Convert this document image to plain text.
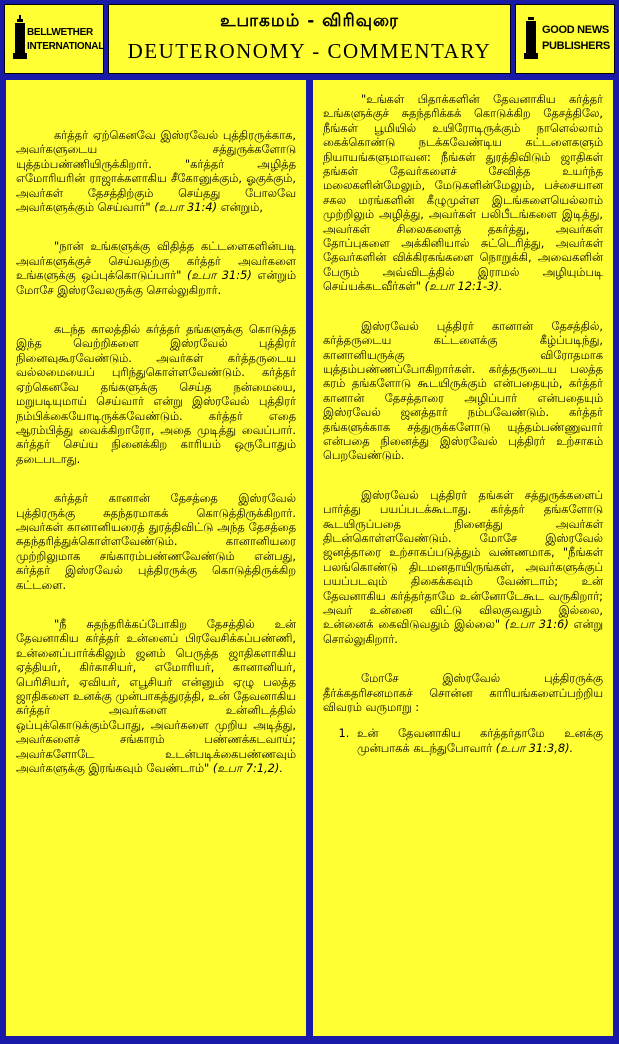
BELLWETHER
INTERNATIONAL
உபாகமம் - விரிவுரை
DEUTERONOMY - COMMENTARY
GOOD NEWS
PUBLISHERS

கர்த்தர் ஏற்கெனவே இஸ்ரவேல் புத்திரருக்காக, அவர்களுடைய சத்துருக்களோடு யுத்தம்பண்ணியிருக்கிறார். "கர்த்தர் அழித்த எமோரியரின் ராஜாக்களாகிய சீகோனுக்கும், ஓகுக்கும், அவர்கள் தேசத்திற்கும் செய்தது போலவே அவர்களுக்கும் செய்வார்" (உபா 31:4) என்றும்,

"நான் உங்களுக்கு விதித்த கட்டளைகளின்படி அவர்களுக்குச் செய்வதற்கு கர்த்தர் அவர்களை உங்களுக்கு ஒப்புக்கொடுப்பார்" (உபா 31:5) என்றும் மோசே இஸ்ரவேலருக்கு சொல்லுகிறார்.

கடந்த காலத்தில் கர்த்தர் தங்களுக்கு கொடுத்த இந்த வெற்றிகளை இஸ்ரவேல் புத்திரர் நினைவுகூரவேண்டும். அவர்கள் கர்த்தருடைய வல்லமையைப் புரிந்துகொள்ளவேண்டும். கர்த்தர் ஏற்கெனவே தங்களுக்கு செய்த நன்மையை, மறுபடியுமாய் செய்வார் என்று இஸ்ரவேல் புத்திரர் நம்பிக்கையோடிருக்கவேண்டும். கர்த்தர் எதை ஆரம்பித்து வைக்கிறாரோ, அதை முடித்து வைப்பார். கர்த்தர் செய்ய நினைக்கிற காரியம் ஒருபோதும் தடைபடாது.

கர்த்தர் கானான் தேசத்தை இஸ்ரவேல் புத்திரருக்கு சுதந்தரமாகக் கொடுத்திருக்கிறார். அவர்கள் கானானியரைத் துரத்திவிட்டு அந்த தேசத்தை சுதந்தரித்துக்கொள்ளவேண்டும். கானானியரை முற்றிலுமாக சங்காரம்பண்ணவேண்டும் என்பது, கர்த்தர் இஸ்ரவேல் புத்திரருக்கு கொடுத்திருக்கிற கட்டளை.

"நீ சுதந்தரிக்கப்போகிற தேசத்தில் உன் தேவனாகிய கர்த்தர் உன்னைப் பிரவேசிக்கப்பண்ணி, உன்னைப்பார்க்கிலும் ஜனம் பெருத்த ஜாதிகளாகிய ஏத்தியர், கிர்காசியர், எமோரியர், கானானியர், பெரிசியர், ஏவியர், எபூசியர் என்னும் ஏழு பலத்த ஜாதிகளை உனக்கு முன்பாகத்துரத்தி, உன் தேவனாகிய கர்த்தர் அவர்களை உன்னிடத்தில் ஒப்புக்கொடுக்கும்போது, அவர்களை முறிய அடித்து, அவர்களைச் சங்காரம் பண்ணக்கடவாய்; அவர்களோடே உடன்படிக்கைபண்ணவும் அவர்களுக்கு இரங்கவும் வேண்டாம்" (உபா 7:1,2).

"உங்கள் பிதாக்களின் தேவனாகிய கர்த்தர் உங்களுக்குச் சுதந்தரிக்கக் கொடுக்கிற தேசத்திலே, நீங்கள் பூமியில் உயிரோடிருக்கும் நாளெல்லாம் கைக்கொண்டு நடக்கவேண்டிய கட்டளைகளும் நியாயங்களுமாவன: நீங்கள் துரத்திவிடும் ஜாதிகள் தங்கள் தேவர்களைச் சேவித்த உயர்ந்த மலைகளின்மேலும், மேடுகளின்மேலும், பச்சையான சகல மரங்களின் கீழுமுள்ள இடங்களையெல்லாம் முற்றிலும் அழித்து, அவர்கள் பலிபீடங்களை இடித்து, அவர்கள் சிலைகளைத் தகர்த்து, அவர்கள் தோப்புகளை அக்கினியால் சுட்டெரித்து, அவர்கள் தேவர்களின் விக்கிரகங்களை நொறுக்கி, அவைகளின் பேரும் அவ்விடத்தில் இராமல் அழியும்படி செய்யக்கடவீர்கள்" (உபா 12:1-3).

இஸ்ரவேல் புத்திரர் கானான் தேசத்தில், கர்த்தருடைய கட்டளைக்கு கீழ்ப்படிந்து, கானானியருக்கு விரோதமாக யுத்தம்பண்ணப்போகிறார்கள். கர்த்தருடைய பலத்த கரம் தங்களோடு கூடயிருக்கும் என்பதையும், கர்த்தர் கானான் தேசத்தாரை அழிப்பார் என்பதையும் இஸ்ரவேல் ஜனத்தார் நம்பவேண்டும். கர்த்தர் தங்களுக்காக சத்துருக்களோடு யுத்தம்பண்ணுவார் என்பதை நினைத்து இஸ்ரவேல் புத்திரர் உற்சாகம் பெறவேண்டும்.

இஸ்ரவேல் புத்திரர் தங்கள் சத்துருக்களைப் பார்த்து பயப்படக்கூடாது. கர்த்தர் தங்களோடு கூடயிருப்பதை நினைத்து அவர்கள் திடன்கொள்ளவேண்டும். மோசே இஸ்ரவேல் ஜனத்தாரை உற்சாகப்படுத்தும் வண்ணமாக, "நீங்கள் பலங்கொண்டு திடமனதாயிருங்கள், அவர்களுக்குப் பயப்படவும் திகைக்கவும் வேண்டாம்; உன் தேவனாகிய கர்த்தர்தாமே உன்னோடேகூட வருகிறார்; அவர் உன்னை விட்டு விலகுவதும் இல்லை, உன்னைக் கைவிடுவதும் இல்லை" (உபா 31:6) என்று சொல்லுகிறார்.

மோசே இஸ்ரவேல் புத்திரருக்கு தீர்க்கதரிசனமாகச் சொன்ன காரியங்களைப்பற்றிய விவரம் வருமாறு :

1. உன் தேவனாகிய கர்த்தர்தாமே உனக்கு முன்பாகக் கடந்துபோவார் (உபா 31:3,8).
